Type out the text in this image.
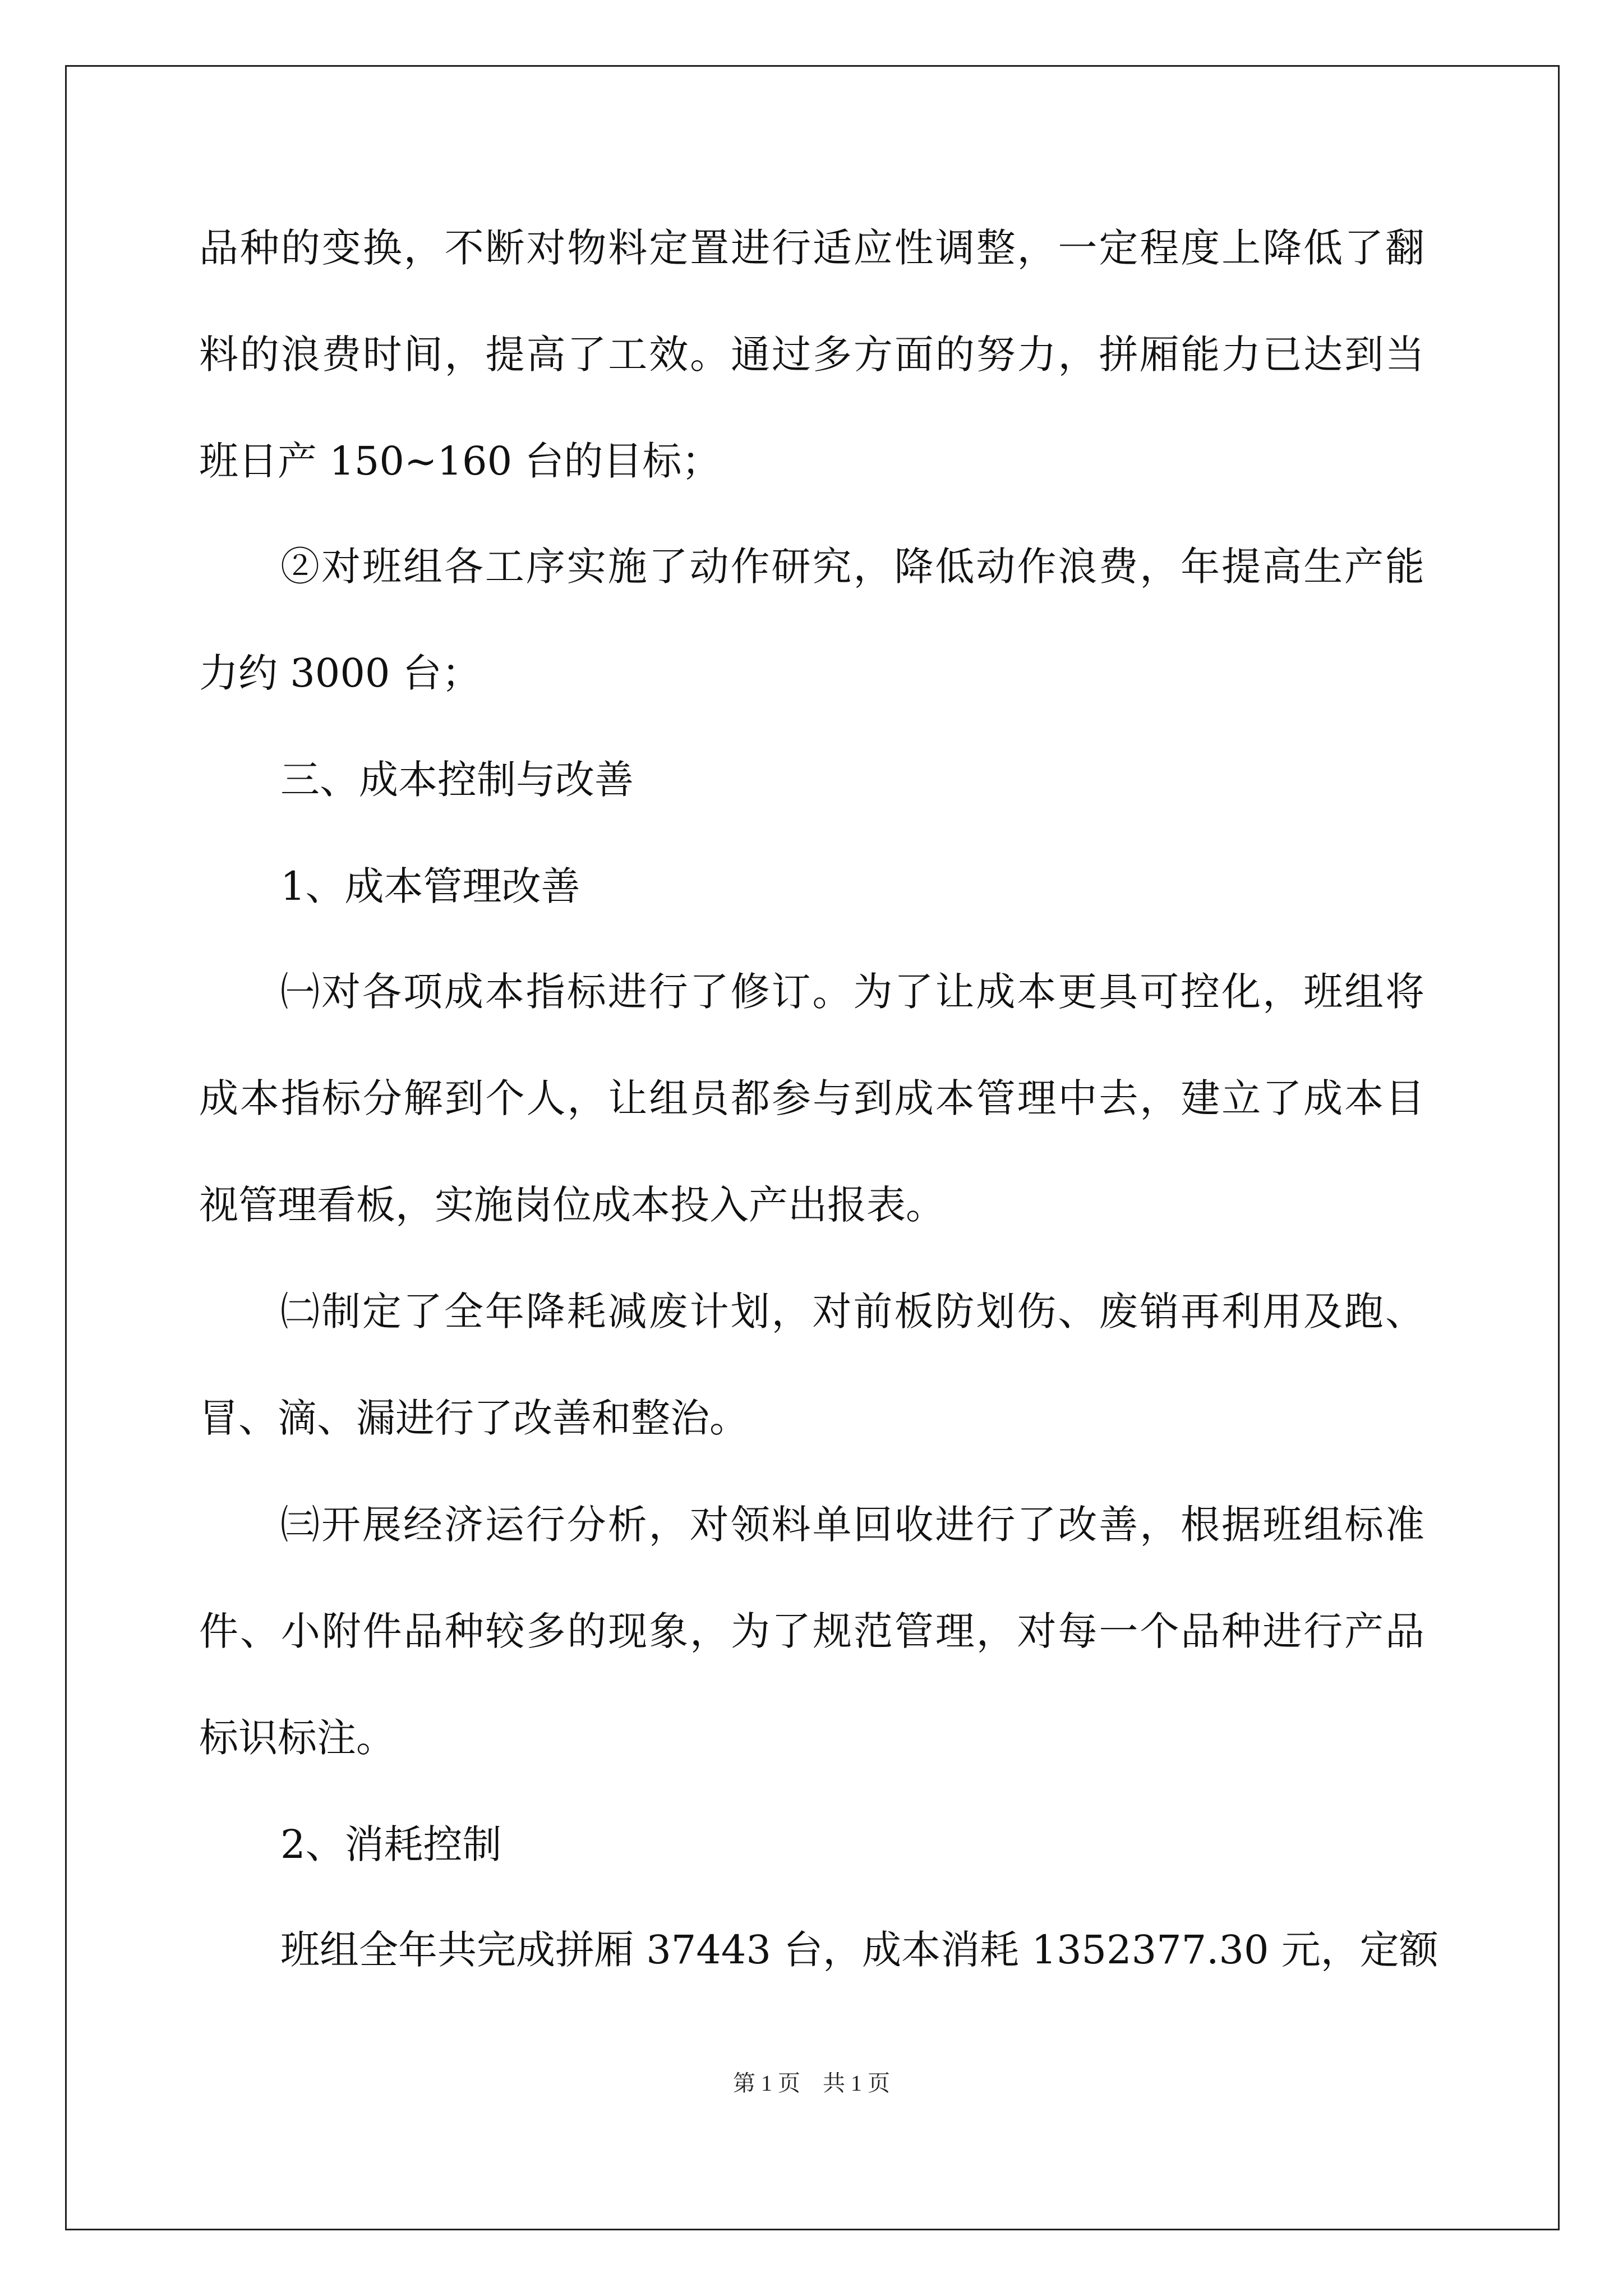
品种的变换，不断对物料定置进行适应性调整，一定程度上降低了翻
料的浪费时间，提高了工效。通过多方面的努力，拼厢能力已达到当
班日产 150~160 台的目标；
②对班组各工序实施了动作研究，降低动作浪费，年提高生产能
力约 3000 台；
三、成本控制与改善
1、成本管理改善
㈠对各项成本指标进行了修订。为了让成本更具可控化，班组将
成本指标分解到个人，让组员都参与到成本管理中去，建立了成本目
视管理看板，实施岗位成本投入产出报表。
㈡制定了全年降耗减废计划，对前板防划伤、废销再利用及跑、
冒、滴、漏进行了改善和整治。
㈢开展经济运行分析，对领料单回收进行了改善，根据班组标准
件、小附件品种较多的现象，为了规范管理，对每一个品种进行产品
标识标注。
2、消耗控制
班组全年共完成拼厢 37443 台，成本消耗 1352377.30 元，定额
第 1 页    共 1 页
